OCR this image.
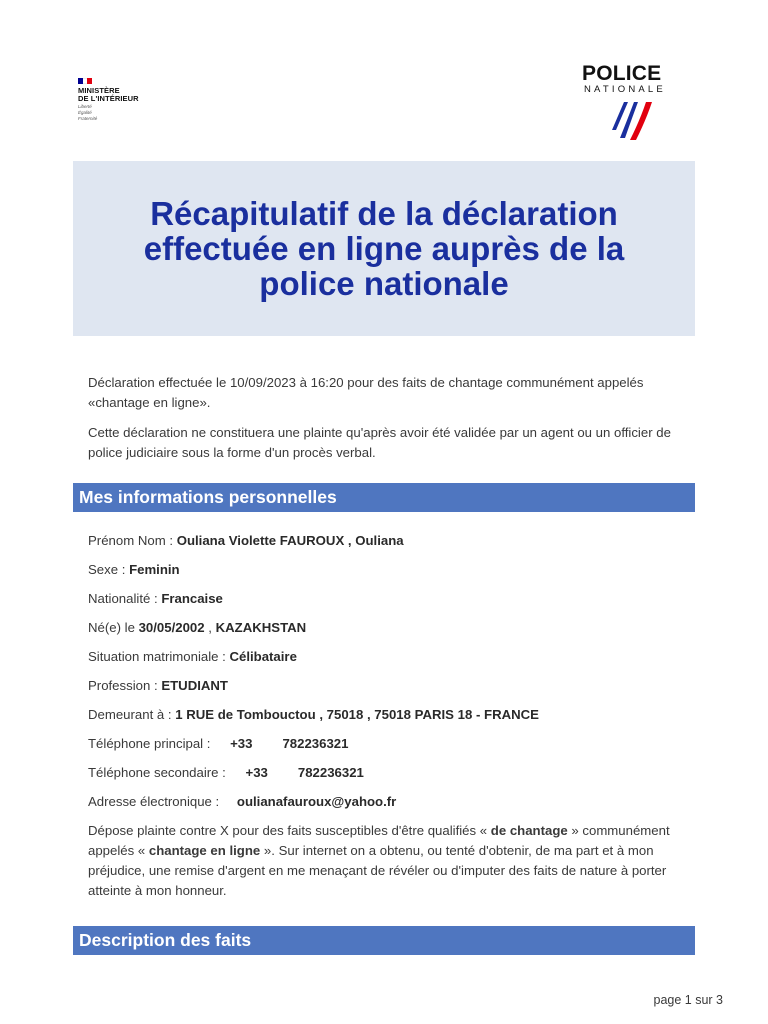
MINISTÈRE
DE L'INTÉRIEUR
Liberté
Égalité
Fraternité
POLICE
NATIONALE
Récapitulatif de la déclaration effectuée en ligne auprès de la police nationale

Déclaration effectuée le 10/09/2023 à 16:20 pour des faits de chantage communément appelés «chantage en ligne».

Cette déclaration ne constituera une plainte qu'après avoir été validée par un agent ou un officier de police judiciaire sous la forme d'un procès verbal.

Mes informations personnelles
Prénom Nom : Ouliana Violette FAUROUX , Ouliana
Sexe : Feminin
Nationalité : Francaise
Né(e) le 30/05/2002 , KAZAKHSTAN
Situation matrimoniale : Célibataire
Profession : ETUDIANT
Demeurant à : 1 RUE de Tombouctou , 75018 , 75018 PARIS 18 - FRANCE
Téléphone principal : +33 782236321
Téléphone secondaire : +33 782236321
Adresse électronique : oulianafauroux@yahoo.fr
Dépose plainte contre X pour des faits susceptibles d'être qualifiés « de chantage » communément appelés « chantage en ligne ». Sur internet on a obtenu, ou tenté d'obtenir, de ma part et à mon préjudice, une remise d'argent en me menaçant de révéler ou d'imputer des faits de nature à porter atteinte à mon honneur.
Description des faits
page 1 sur 3
